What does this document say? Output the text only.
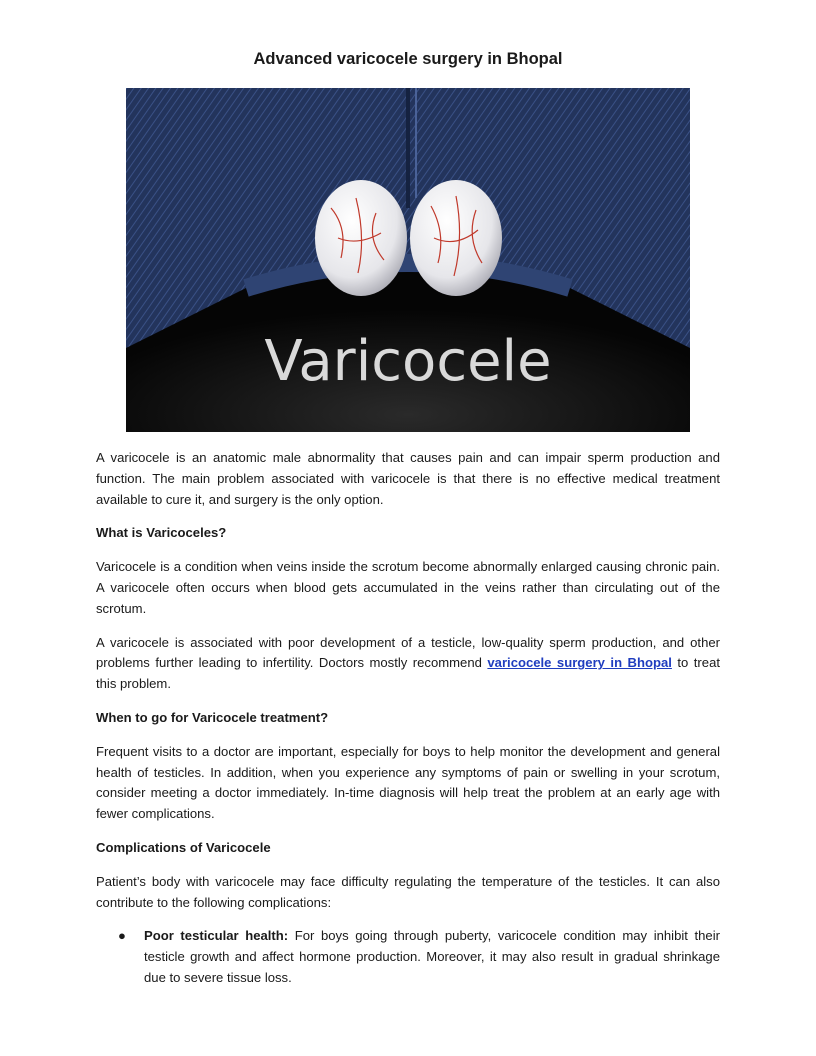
Advanced varicocele surgery in Bhopal
Varicocele

A varicocele is an anatomic male abnormality that causes pain and can impair sperm production and function. The main problem associated with varicocele is that there is no effective medical treatment available to cure it, and surgery is the only option.

What is Varicoceles?

Varicocele is a condition when veins inside the scrotum become abnormally enlarged causing chronic pain. A varicocele often occurs when blood gets accumulated in the veins rather than circulating out of the scrotum.

A varicocele is associated with poor development of a testicle, low-quality sperm production, and other problems further leading to infertility. Doctors mostly recommend varicocele surgery in Bhopal to treat this problem.

When to go for Varicocele treatment?

Frequent visits to a doctor are important, especially for boys to help monitor the development and general health of testicles. In addition, when you experience any symptoms of pain or swelling in your scrotum, consider meeting a doctor immediately. In-time diagnosis will help treat the problem at an early age with fewer complications.

Complications of Varicocele

Patient’s body with varicocele may face difficulty regulating the temperature of the testicles. It can also contribute to the following complications:

● Poor testicular health: For boys going through puberty, varicocele condition may inhibit their testicle growth and affect hormone production. Moreover, it may also result in gradual shrinkage due to severe tissue loss.
